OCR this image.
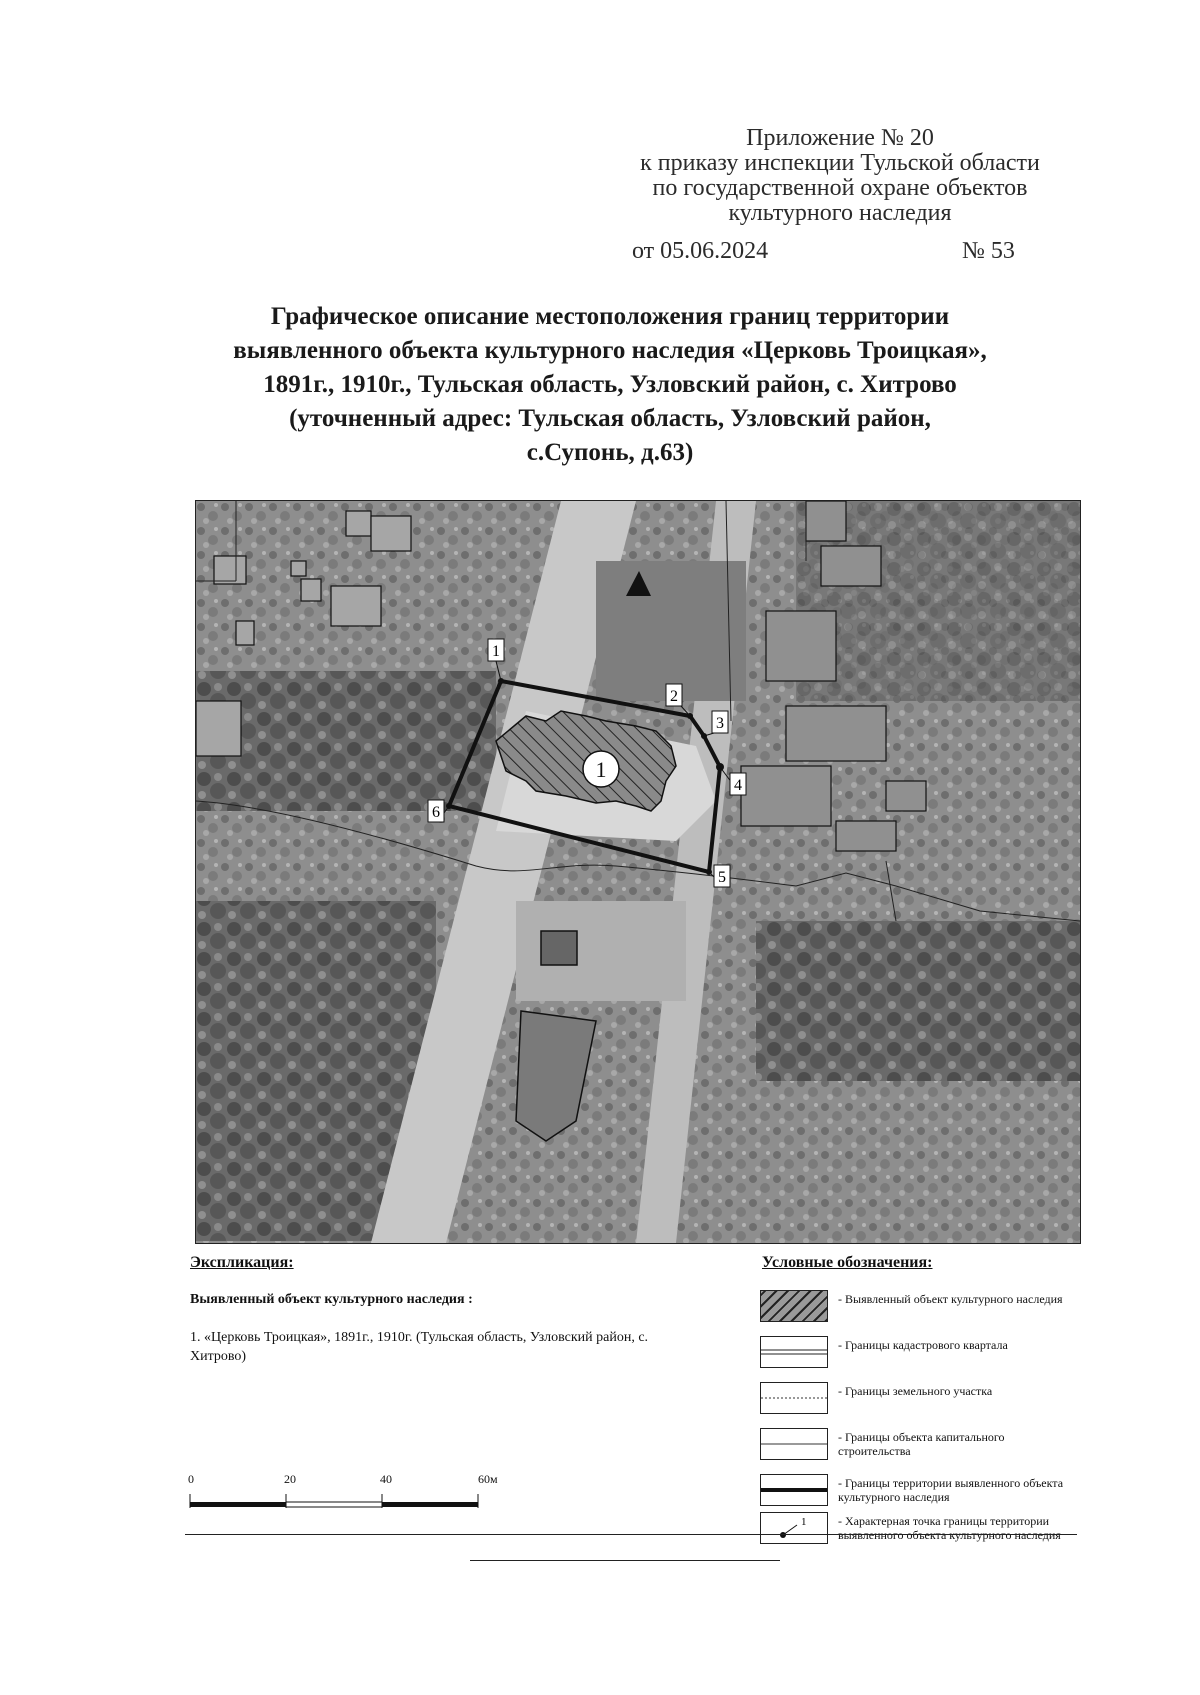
Приложение № 20
к приказу инспекции Тульской области
по государственной охране объектов
культурного наследия
от 05.06.2024	№ 53
Графическое описание местоположения границ территории
выявленного объекта культурного наследия «Церковь Троицкая»,
1891г., 1910г., Тульская область, Узловский район, с. Хитрово
(уточненный адрес: Тульская область, Узловский район,
с.Супонь, д.63)
1
1
2
3
4
5
6
Экспликация:
Выявленный объект культурного наследия :
1. «Церковь Троицкая», 1891г., 1910г. (Тульская область, Узловский район, с. Хитрово)
Условные обозначения:
- Выявленный объект культурного наследия
- Границы кадастрового квартала
- Границы земельного участка
- Границы объекта капитального строительства
- Границы территории выявленного объекта культурного наследия
1	- Характерная точка границы территории выявленного объекта культурного наследия
0	20	40	60м
